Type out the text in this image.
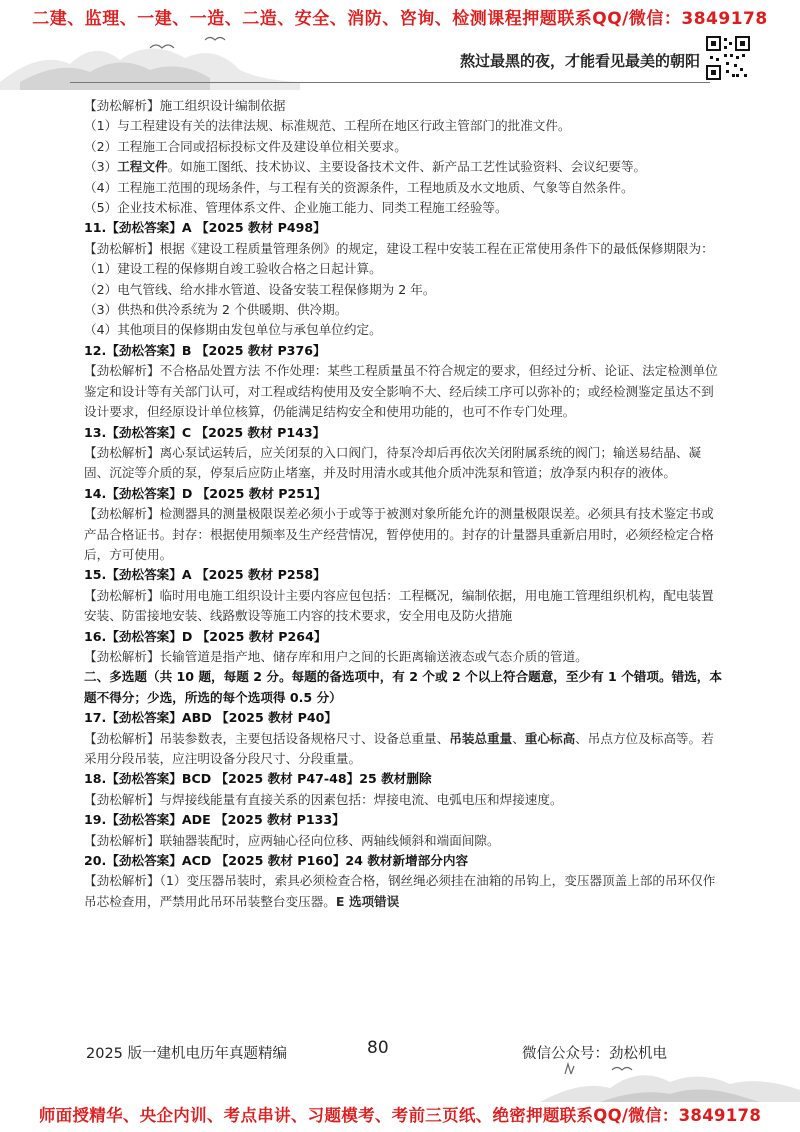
二建、监理、一建、一造、二造、安全、消防、咨询、检测课程押题联系QQ/微信：3849178
熬过最黑的夜，才能看见最美的朝阳

【劲松解析】施工组织设计编制依据

（1）与工程建设有关的法律法规、标准规范、工程所在地区行政主管部门的批准文件。

（2）工程施工合同或招标投标文件及建设单位相关要求。

（3）工程文件。如施工图纸、技术协议、主要设备技术文件、新产品工艺性试验资料、会议纪要等。

（4）工程施工范围的现场条件，与工程有关的资源条件，工程地质及水文地质、气象等自然条件。

（5）企业技术标准、管理体系文件、企业施工能力、同类工程施工经验等。

11.【劲松答案】A 【2025 教材 P498】

【劲松解析】根据《建设工程质量管理条例》的规定，建设工程中安装工程在正常使用条件下的最低保修期限为：

（1）建设工程的保修期自竣工验收合格之日起计算。

（2）电气管线、给水排水管道、设备安装工程保修期为 2 年。

（3）供热和供冷系统为 2 个供暖期、供冷期。

（4）其他项目的保修期由发包单位与承包单位约定。

12.【劲松答案】B 【2025 教材 P376】

【劲松解析】不合格品处置方法 不作处理：某些工程质量虽不符合规定的要求，但经过分析、论证、法定检测单位鉴定和设计等有关部门认可，对工程或结构使用及安全影响不大、经后续工序可以弥补的；或经检测鉴定虽达不到设计要求，但经原设计单位核算，仍能满足结构安全和使用功能的，也可不作专门处理。

13.【劲松答案】C 【2025 教材 P143】

【劲松解析】离心泵试运转后，应关闭泵的入口阀门，待泵冷却后再依次关闭附属系统的阀门；输送易结晶、凝固、沉淀等介质的泵，停泵后应防止堵塞，并及时用清水或其他介质冲洗泵和管道；放净泵内积存的液体。

14.【劲松答案】D 【2025 教材 P251】

【劲松解析】检测器具的测量极限误差必须小于或等于被测对象所能允许的测量极限误差。必须具有技术鉴定书或产品合格证书。封存：根据使用频率及生产经营情况，暂停使用的。封存的计量器具重新启用时，必须经检定合格后，方可使用。

15.【劲松答案】A 【2025 教材 P258】

【劲松解析】临时用电施工组织设计主要内容应包包括：工程概况，编制依据，用电施工管理组织机构，配电装置安装、防雷接地安装、线路敷设等施工内容的技术要求，安全用电及防火措施

16.【劲松答案】D 【2025 教材 P264】

【劲松解析】长输管道是指产地、储存库和用户之间的长距离输送液态或气态介质的管道。

二、多选题（共 10 题，每题 2 分。每题的备选项中，有 2 个或 2 个以上符合题意，至少有 1 个错项。错选，本题不得分；少选，所选的每个选项得 0.5 分）

17.【劲松答案】ABD 【2025 教材 P40】

【劲松解析】吊装参数表，主要包括设备规格尺寸、设备总重量、吊装总重量、重心标高、吊点方位及标高等。若采用分段吊装，应注明设备分段尺寸、分段重量。

18.【劲松答案】BCD 【2025 教材 P47-48】25 教材删除

【劲松解析】与焊接线能量有直接关系的因素包括：焊接电流、电弧电压和焊接速度。

19.【劲松答案】ADE 【2025 教材 P133】

【劲松解析】联轴器装配时，应两轴心径向位移、两轴线倾斜和端面间隙。

20.【劲松答案】ACD 【2025 教材 P160】24 教材新增部分内容

【劲松解析】（1）变压器吊装时，索具必须检查合格，钢丝绳必须挂在油箱的吊钩上，变压器顶盖上部的吊环仅作吊芯检查用，严禁用此吊环吊装整台变压器。E 选项错误

2025 版一建机电历年真题精编	80	微信公众号：劲松机电
师面授精华、央企内训、考点串讲、习题模考、考前三页纸、绝密押题联系QQ/微信：3849178
